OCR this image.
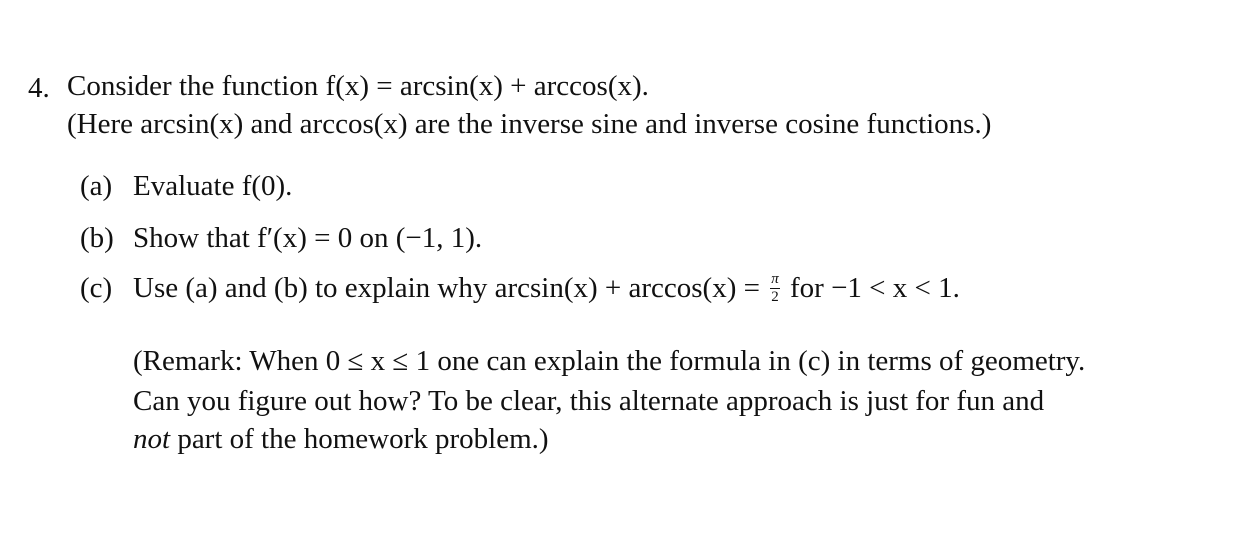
4. Consider the function f(x) = arcsin(x) + arccos(x).
(Here arcsin(x) and arccos(x) are the inverse sine and inverse cosine functions.)
(a) Evaluate f(0).
(b) Show that f′(x) = 0 on (−1, 1).
(c) Use (a) and (b) to explain why $\arcsin(x) + \arccos(x) = \frac{\pi}{2}$ for −1 < x < 1.
(Remark: When 0 ≤ x ≤ 1 one can explain the formula in (c) in terms of geometry.
Can you figure out how? To be clear, this alternate approach is just for fun and
not part of the homework problem.)
